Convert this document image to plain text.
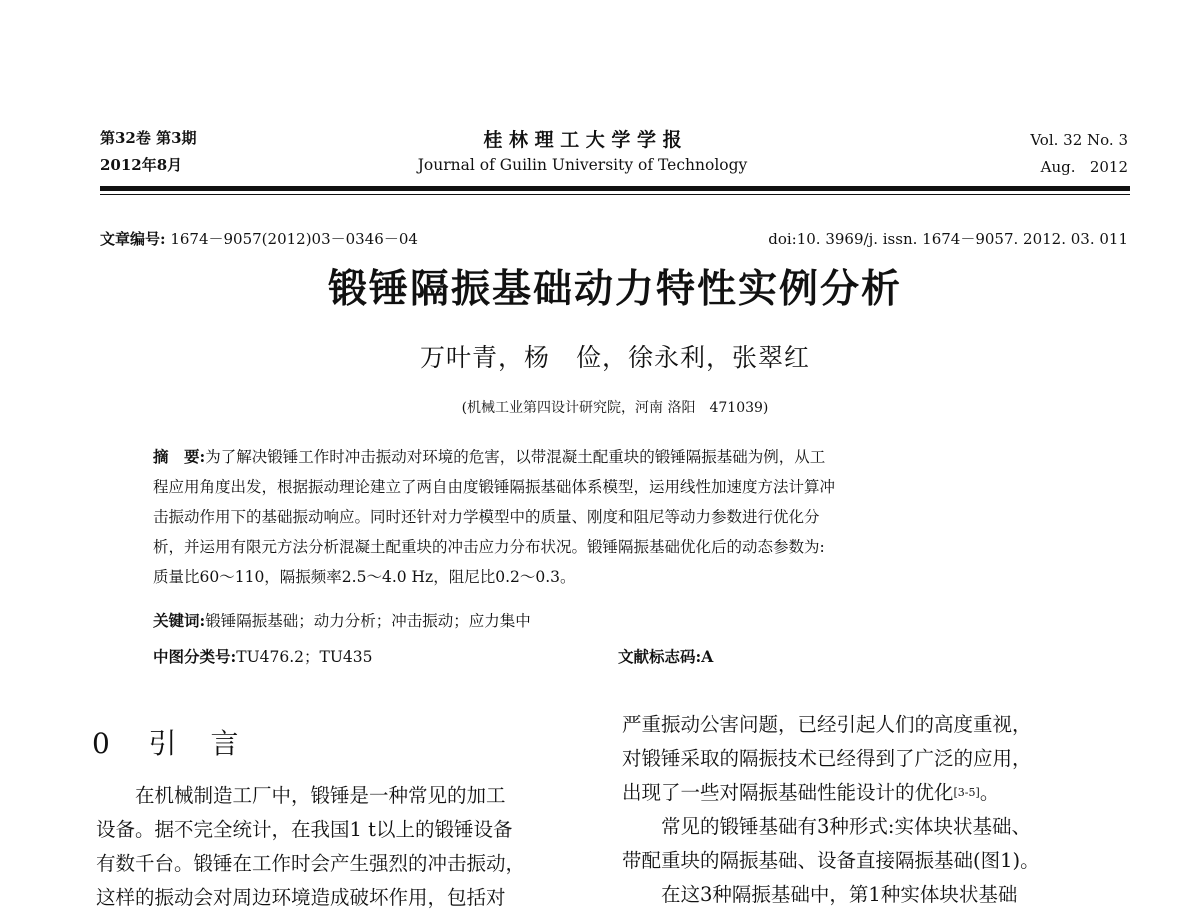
第32卷 第3期
2012年8月
桂 林 理 工 大 学 学 报
Journal of Guilin University of Technology
Vol. 32 No. 3
Aug.   2012
文章编号: 1674－9057(2012)03－0346－04	doi:10. 3969/j. issn. 1674－9057. 2012. 03. 011
锻锤隔振基础动力特性实例分析
万叶青，杨　俭，徐永利，张翠红
(机械工业第四设计研究院，河南 洛阳　471039)
摘　要:为了解决锻锤工作时冲击振动对环境的危害，以带混凝土配重块的锻锤隔振基础为例，从工
程应用角度出发，根据振动理论建立了两自由度锻锤隔振基础体系模型，运用线性加速度方法计算冲
击振动作用下的基础振动响应。同时还针对力学模型中的质量、刚度和阻尼等动力参数进行优化分
析，并运用有限元方法分析混凝土配重块的冲击应力分布状况。锻锤隔振基础优化后的动态参数为:
质量比60～110，隔振频率2.5～4.0 Hz，阻尼比0.2～0.3。
关键词:锻锤隔振基础；动力分析；冲击振动；应力集中
中图分类号:TU476.2；TU435	文献标志码:A
0 引　言
　　在机械制造工厂中，锻锤是一种常见的加工
设备。据不完全统计，在我国1 t以上的锻锤设备
有数千台。锻锤在工作时会产生强烈的冲击振动，
这样的振动会对周边环境造成破坏作用，包括对
严重振动公害问题，已经引起人们的高度重视，
对锻锤采取的隔振技术已经得到了广泛的应用，
出现了一些对隔振基础性能设计的优化[3-5]。
　　常见的锻锤基础有3种形式:实体块状基础、
带配重块的隔振基础、设备直接隔振基础(图1)。
　　在这3种隔振基础中，第1种实体块状基础
